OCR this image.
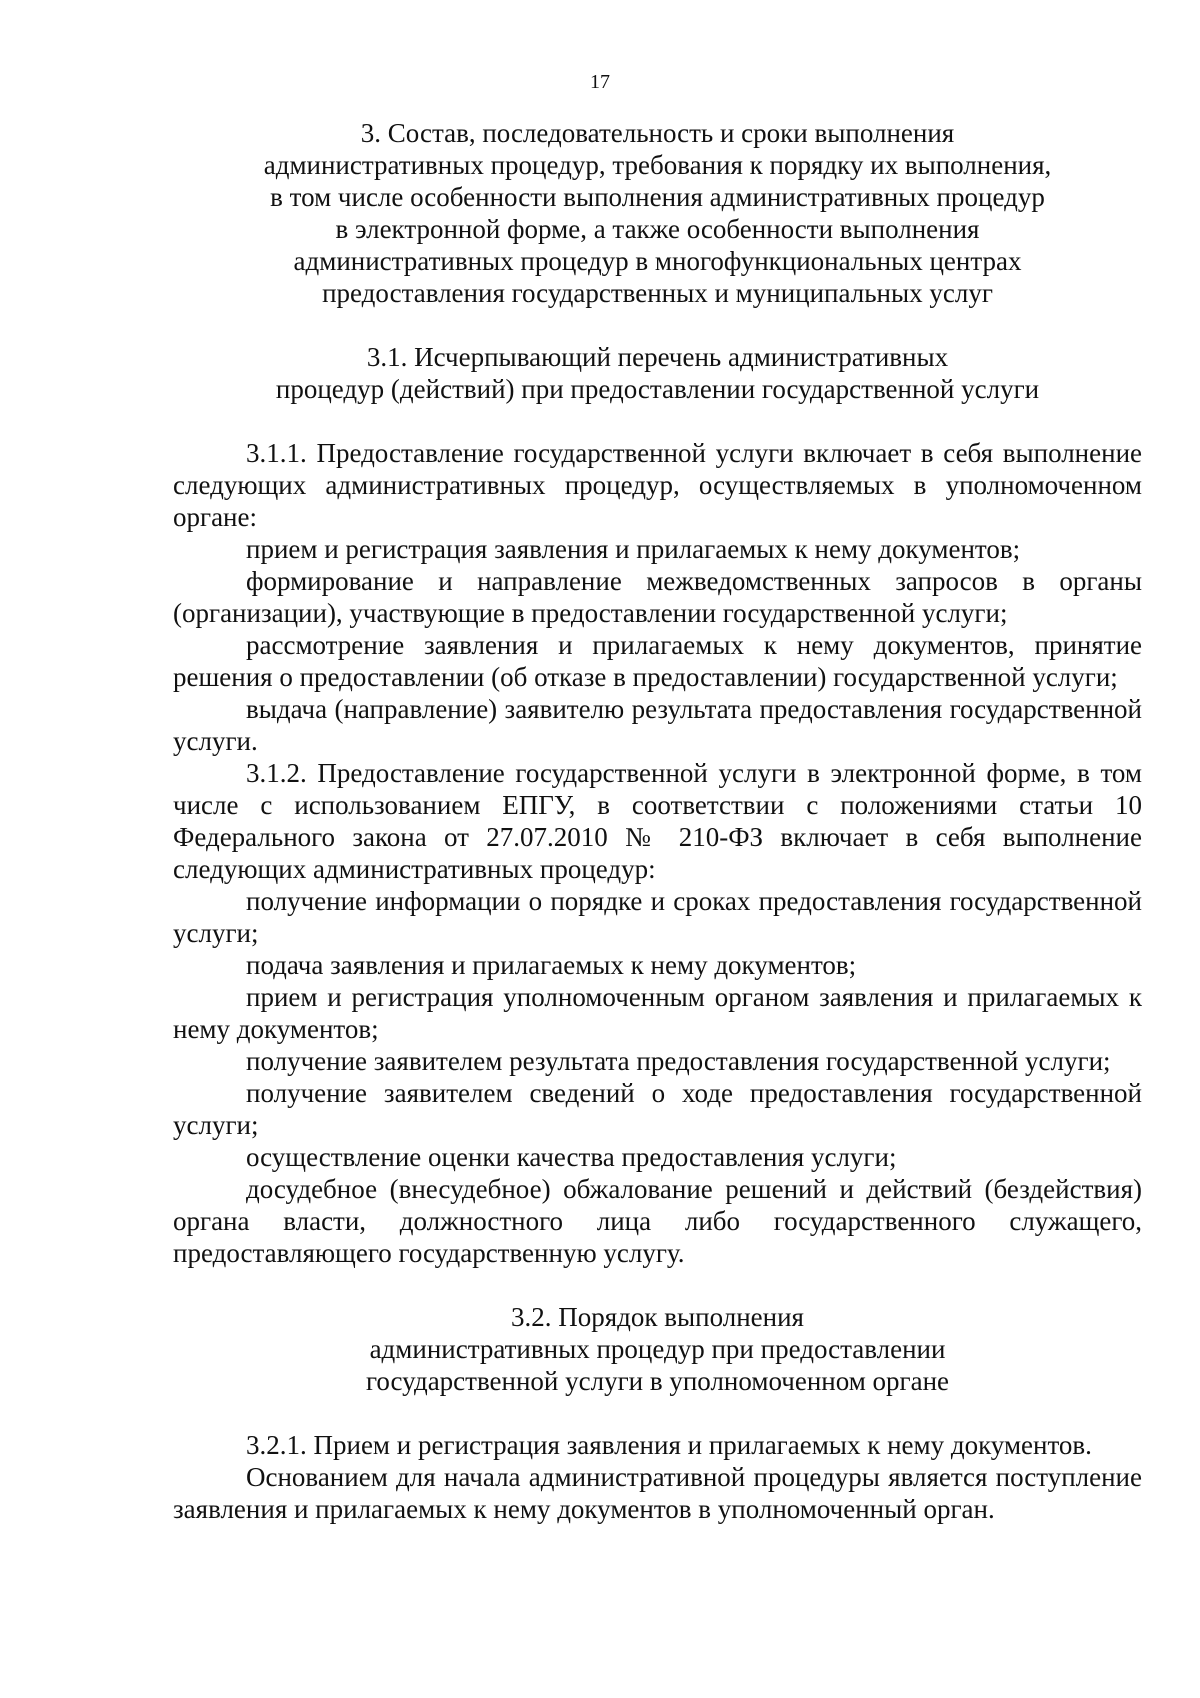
17
3. Состав, последовательность и сроки выполнения
административных процедур, требования к порядку их выполнения,
в том числе особенности выполнения административных процедур
в электронной форме, а также особенности выполнения
административных процедур в многофункциональных центрах
предоставления государственных и муниципальных услуг
3.1. Исчерпывающий перечень административных
процедур (действий) при предоставлении государственной услуги

3.1.1. Предоставление государственной услуги включает в себя выполнение следующих административных процедур, осуществляемых в уполномоченном органе:

прием и регистрация заявления и прилагаемых к нему документов;

формирование и направление межведомственных запросов в органы (организации), участвующие в предоставлении государственной услуги;

рассмотрение заявления и прилагаемых к нему документов, принятие решения о предоставлении (об отказе в предоставлении) государственной услуги;

выдача (направление) заявителю результата предоставления государственной услуги.

3.1.2. Предоставление государственной услуги в электронной форме, в том числе с использованием ЕПГУ, в соответствии с положениями статьи 10 Федерального закона от 27.07.2010 № 210-ФЗ включает в себя выполнение следующих административных процедур:

получение информации о порядке и сроках предоставления государственной услуги;

подача заявления и прилагаемых к нему документов;

прием и регистрация уполномоченным органом заявления и прилагаемых к нему документов;

получение заявителем результата предоставления государственной услуги;

получение заявителем сведений о ходе предоставления государственной услуги;

осуществление оценки качества предоставления услуги;

досудебное (внесудебное) обжалование решений и действий (бездействия) органа власти, должностного лица либо государственного служащего, предоставляющего государственную услугу.

3.2. Порядок выполнения
административных процедур при предоставлении
государственной услуги в уполномоченном органе

3.2.1. Прием и регистрация заявления и прилагаемых к нему документов.

Основанием для начала административной процедуры является поступление заявления и прилагаемых к нему документов в уполномоченный орган.
